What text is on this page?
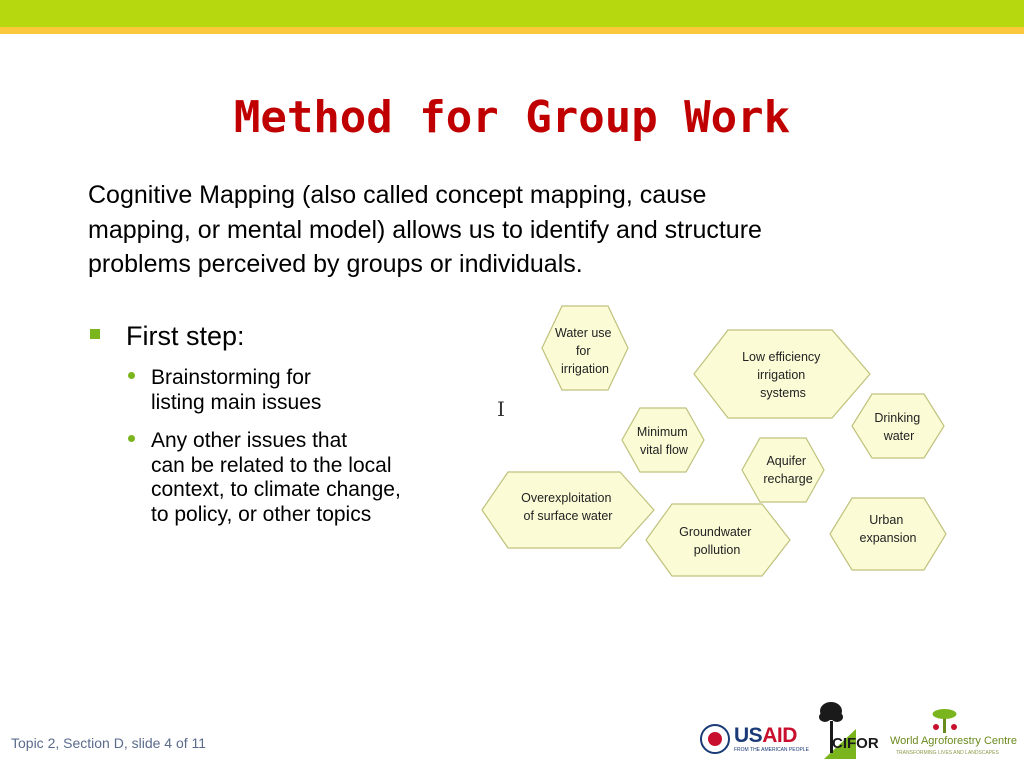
Method for Group Work
Cognitive Mapping (also called concept mapping, cause
mapping, or mental model) allows us to identify and structure
problems perceived by groups or individuals.
First step:
Brainstorming for
listing main issues
Any other issues that
can be related to the local
context, to climate change,
to policy, or other topics
I
Water use for irrigation
Low efficiency irrigation systems
Minimum vital flow
Drinking water
Aquifer recharge
Overexploitation of surface water
Groundwater pollution
Urban expansion
Topic 2, Section D, slide 4 of 11	USAID
FROM THE AMERICAN PEOPLE CIFOR World Agroforestry Centre
TRANSFORMING LIVES AND LANDSCAPES
